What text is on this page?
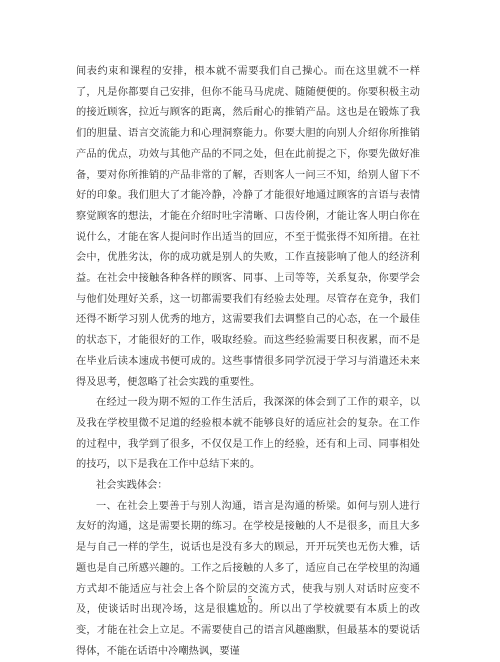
间表约束和课程的安排，根本就不需要我们自己操心。而在这里就不一样了，凡是你都要自己安排，但你不能马马虎虎、随随便便的。你要积极主动的接近顾客，拉近与顾客的距离，然后耐心的推销产品。这也是在锻炼了我们的胆量、语言交流能力和心理洞察能力。你要大胆的向别人介绍你所推销产品的优点，功效与其他产品的不同之处，但在此前提之下，你要先做好准备，要对你所推销的产品非常的了解，否则客人一问三不知，给别人留下不好的印象。我们胆大了才能冷静，冷静了才能很好地通过顾客的言语与表情察觉顾客的想法，才能在介绍时吐字清晰、口齿伶俐，才能让客人明白你在说什么，才能在客人提问时作出适当的回应，不至于慌张得不知所措。在社会中，优胜劣汰，你的成功就是别人的失败，工作直接影响了他人的经济利益。在社会中接触各种各样的顾客、同事、上司等等，关系复杂，你要学会与他们处理好关系，这一切都需要我们有经验去处理。尽管存在竞争，我们还得不断学习别人优秀的地方，这需要我们去调整自己的心态，在一个最佳的状态下，才能很好的工作，吸取经验。而这些经验需要日积夜累，而不是在毕业后读本速成书便可成的。这些事情很多同学沉浸于学习与消遣还未来得及思考，便忽略了社会实践的重要性。

在经过一段为期不短的工作生活后，我深深的体会到了工作的艰辛，以及我在学校里微不足道的经验根本就不能够良好的适应社会的复杂。在工作的过程中，我学到了很多，不仅仅是工作上的经验，还有和上司、同事相处的技巧，以下是我在工作中总结下来的。

社会实践体会：

一、在社会上要善于与别人沟通，语言是沟通的桥梁。如何与别人进行友好的沟通，这是需要长期的练习。在学校是接触的人不是很多，而且大多是与自己一样的学生，说话也是没有多大的顾忌，开开玩笑也无伤大雅，话题也是自己所感兴趣的。工作之后接触的人多了，适应自己在学校里的沟通方式却不能适应与社会上各个阶层的交流方式，使我与别人对话时应变不及，使谈话时出现冷场，这是很尴尬的。所以出了学校就要有本质上的改变，才能在社会上立足。不需要使自己的语言风趣幽默，但最基本的要说话得体，不能在话语中冷嘲热讽，要谨

5
